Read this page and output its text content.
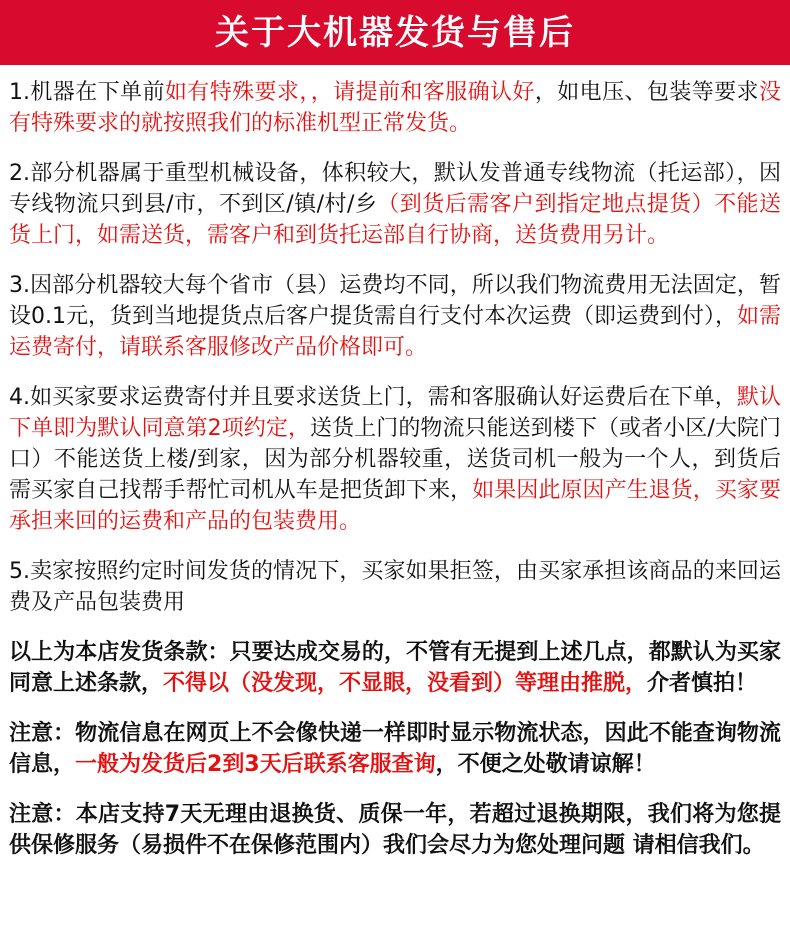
关于大机器发货与售后

1.机器在下单前如有特殊要求，，请提前和客服确认好，如电压、包装等要求没有特殊要求的就按照我们的标准机型正常发货。

2.部分机器属于重型机械设备，体积较大，默认发普通专线物流（托运部），因专线物流只到县/市，不到区/镇/村/乡（到货后需客户到指定地点提货）不能送货上门，如需送货，需客户和到货托运部自行协商，送货费用另计。

3.因部分机器较大每个省市（县）运费均不同，所以我们物流费用无法固定，暂设0.1元，货到当地提货点后客户提货需自行支付本次运费（即运费到付），如需运费寄付，请联系客服修改产品价格即可。

4.如买家要求运费寄付并且要求送货上门，需和客服确认好运费后在下单，默认下单即为默认同意第2项约定，送货上门的物流只能送到楼下（或者小区/大院门口）不能送货上楼/到家，因为部分机器较重，送货司机一般为一个人，到货后需买家自己找帮手帮忙司机从车是把货卸下来，如果因此原因产生退货，买家要承担来回的运费和产品的包装费用。

5.卖家按照约定时间发货的情况下，买家如果拒签，由买家承担该商品的来回运费及产品包装费用

以上为本店发货条款：只要达成交易的，不管有无提到上述几点，都默认为买家同意上述条款，不得以（没发现，不显眼，没看到）等理由推脱，介者慎拍！

注意：物流信息在网页上不会像快递一样即时显示物流状态，因此不能查询物流信息，一般为发货后2到3天后联系客服查询，不便之处敬请谅解！

注意：本店支持7天无理由退换货、质保一年，若超过退换期限，我们将为您提供保修服务（易损件不在保修范围内）我们会尽力为您处理问题 请相信我们。
